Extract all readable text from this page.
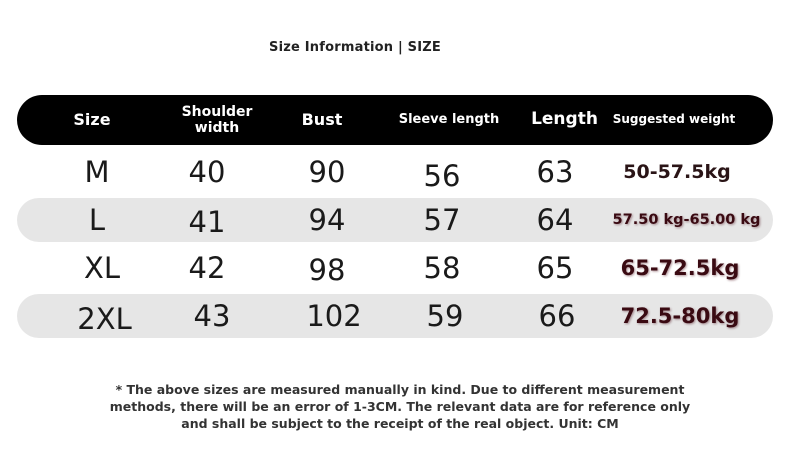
Size Information | SIZE
Size	Shoulder width	Bust	Sleeve length	Length	Suggested weight
M	40	90	56	63	50-57.5kg
L	41	94	57	64	57.50 kg-65.00 kg
XL	42	98	58	65	65-72.5kg
2XL	43	102	59	66	72.5-80kg
* The above sizes are measured manually in kind. Due to different measurement
methods, there will be an error of 1-3CM. The relevant data are for reference only
and shall be subject to the receipt of the real object. Unit: CM
